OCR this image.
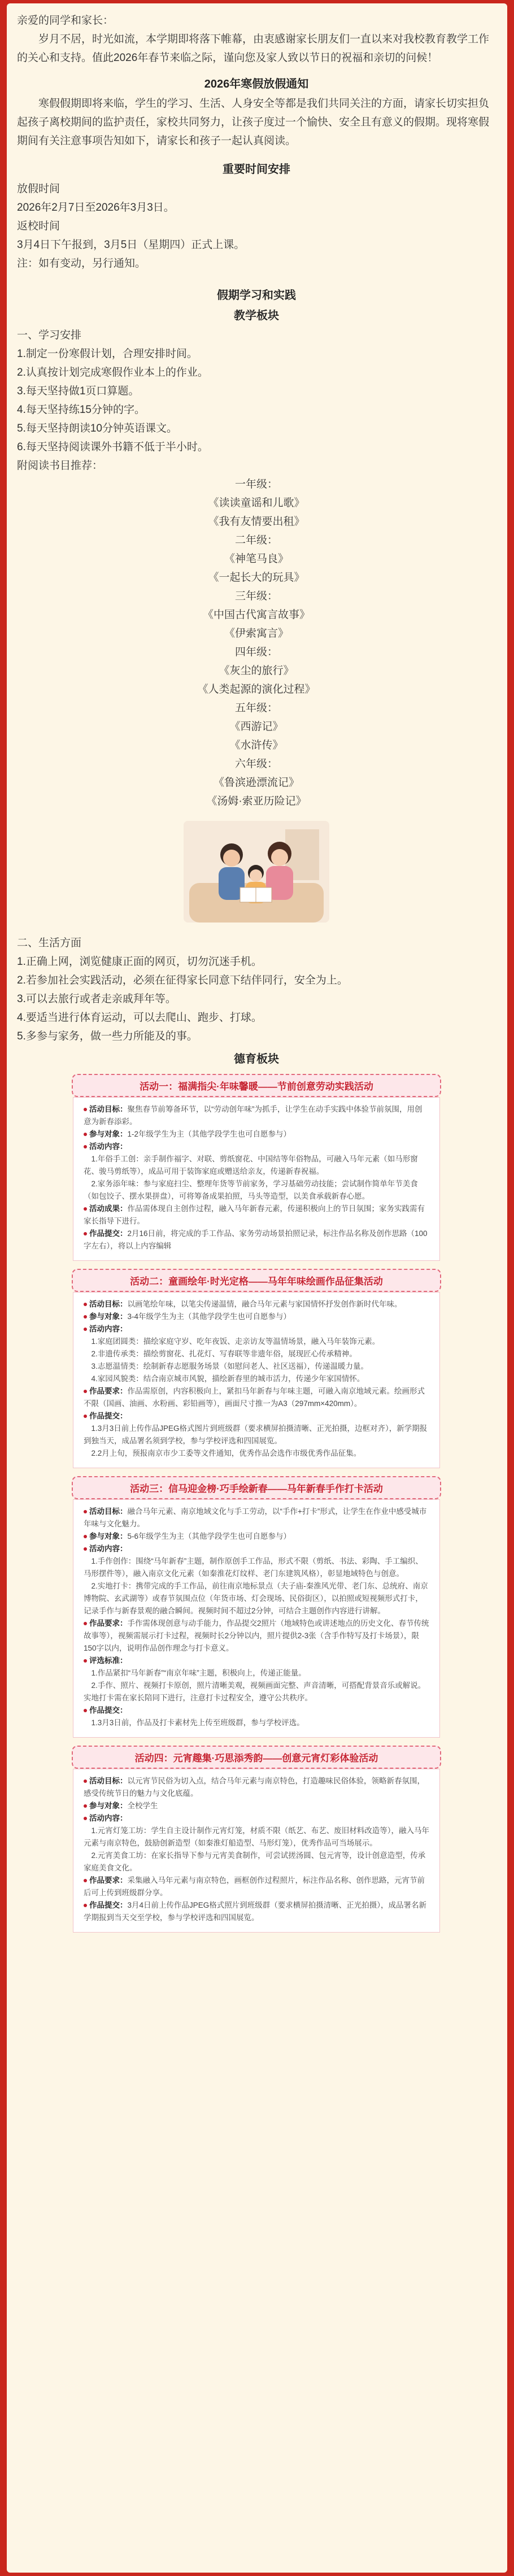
亲爱的同学和家长：

岁月不居，时光如流，本学期即将落下帷幕，由衷感谢家长朋友们一直以来对我校教育教学工作的关心和支持。值此2026年春节来临之际，谨向您及家人致以节日的祝福和亲切的问候！

2026年寒假放假通知

寒假假期即将来临，学生的学习、生活、人身安全等都是我们共同关注的方面，请家长切实担负起孩子离校期间的监护责任，家校共同努力，让孩子度过一个愉快、安全且有意义的假期。现将寒假期间有关注意事项告知如下，请家长和孩子一起认真阅读。

重要时间安排

放假时间

2026年2月7日至2026年3月3日。

返校时间

3月4日下午报到，3月5日（星期四）正式上课。

注：如有变动，另行通知。

假期学习和实践

教学板块

一、学习安排

1.制定一份寒假计划，合理安排时间。

2.认真按计划完成寒假作业本上的作业。

3.每天坚持做1页口算题。

4.每天坚持练15分钟的字。

5.每天坚持朗读10分钟英语课文。

6.每天坚持阅读课外书籍不低于半小时。

附阅读书目推荐：

一年级：

《读读童谣和儿歌》

《我有友情要出租》

二年级：

《神笔马良》

《一起长大的玩具》

三年级：

《中国古代寓言故事》

《伊索寓言》

四年级：

《灰尘的旅行》

《人类起源的演化过程》

五年级：

《西游记》

《水浒传》

六年级：

《鲁滨逊漂流记》

《汤姆·索亚历险记》

二、生活方面

1.正确上网，浏览健康正面的网页，切勿沉迷手机。

2.若参加社会实践活动，必须在征得家长同意下结伴同行，安全为上。

3.可以去旅行或者走亲戚拜年等。

4.要适当进行体育运动，可以去爬山、跑步、打球。

5.多参与家务，做一些力所能及的事。

德育板块

活动一：福满指尖·年味馨暖——节前创意劳动实践活动

活动目标：聚焦春节前筹备环节，以“劳动创年味”为抓手，让学生在动手实践中体验节前氛围，用创意为新春添彩。

参与对象：1-2年级学生为主（其他学段学生也可自愿参与）

活动内容：

1.年俗手工创：亲手制作福字、对联、剪纸窗花、中国结等年俗物品，可融入马年元素（如马形窗花、骏马剪纸等），成品可用于装饰家庭或赠送给亲友，传递新春祝福。

2.家务添年味：参与家庭扫尘、整理年货等节前家务，学习基础劳动技能；尝试制作简单年节美食（如包饺子、摆水果拼盘），可将筹备成果拍照，马头等造型，以美食承载新春心愿。

活动成果：作品需体现自主创作过程，融入马年新春元素，传递积极向上的节日氛围；家务实践需有家长指导下进行。

作品提交：2月16日前，将完成的手工作品、家务劳动场景拍照记录，标注作品名称及创作思路（100字左右），将以上内容编辑

活动二：童画绘年·时光定格——马年年味绘画作品征集活动

活动目标：以画笔绘年味，以笔尖传递温情，融合马年元素与家国情怀抒发创作新时代年味。

参与对象：3-4年级学生为主（其他学段学生也可自愿参与）

活动内容：

1.家庭团圆类：描绘家庭守岁、吃年夜饭、走亲访友等温情场景，融入马年装饰元素。

2.非遗传承类：描绘剪窗花、扎花灯、写春联等非遗年俗，展现匠心传承精神。

3.志愿温情类：绘制新春志愿服务场景（如慰问老人、社区送福），传递温暖力量。

4.家园风貌类：结合南京城市风貌，描绘新春里的城市活力，传递少年家国情怀。

作品要求：作品需原创，内容积极向上，紧扣马年新春与年味主题，可融入南京地域元素。绘画形式不限（国画、油画、水粉画、彩铅画等），画面尺寸推一为A3（297mm×420mm）。

作品提交：

1.3月3日前上传作品JPEG格式图片到班级群（要求横屏拍摄清晰、正光拍摄，边框对齐），新学期报到独当天，成品署名须到学校，参与学校评选和四国展览。

2.2月上旬，预报南京市少工委等文件通知，优秀作品会选作市级优秀作品征集。

活动三：信马迎金榜·巧手绘新春——马年新春手作打卡活动

活动目标：融合马年元素、南京地域文化与手工劳动，以“手作+打卡”形式，让学生在作业中感受城市年味与文化魅力。

参与对象：5-6年级学生为主（其他学段学生也可自愿参与）

活动内容：

1.手作创作：围绕“马年新春”主题，制作原创手工作品，形式不限（剪纸、书法、彩陶、手工编织、马形摆件等），融入南京文化元素（如秦淮花灯纹样、老门东建筑风格），彰显地域特色与创意。

2.实地打卡：携带完成的手工作品，前往南京地标景点（夫子庙-秦淮风光带、老门东、总统府、南京博物院、玄武湖等）或春节氛围点位（年货市场、灯会现场、民俗街区），以拍照或短视频形式打卡，记录手作与新春景观的融合瞬间。视频时间不超过2分钟，可结合主题创作内容进行讲解。

作品要求：手作需体现创意与动手能力，作品提交2照片（地域特色或讲述地点的历史文化、春节传统故事等），视频需展示打卡过程，视频时长2分钟以内，照片提供2-3张（含手作特写及打卡场景），限150字以内，说明作品创作理念与打卡意义。

评选标准：

1.作品紧扣“马年新春”“南京年味”主题，积极向上，传递正能量。

2.手作、照片、视频打卡原创，照片清晰美观，视频画面完整、声音清晰，可搭配背景音乐或解说。实地打卡需在家长陪同下进行，注意打卡过程安全，遵守公共秩序。

作品提交：

1.3月3日前，作品及打卡素材先上传至班级群，参与学校评选。

活动四：元宵趣集·巧思添秀韵——创意元宵灯彩体验活动

活动目标：以元宵节民俗为切入点，结合马年元素与南京特色，打造趣味民俗体验，领略新春氛围，感受传统节日的魅力与文化底蕴。

参与对象：全校学生

活动内容：

1.元宵灯笼工坊：学生自主设计制作元宵灯笼，材质不限（纸艺、布艺、废旧材料改造等），融入马年元素与南京特色，鼓励创新造型（如秦淮灯船造型、马形灯笼），优秀作品可当场展示。

2.元宵美食工坊：在家长指导下参与元宵美食制作，可尝试搓汤圆、包元宵等，设计创意造型，传承家庭美食文化。

作品要求：采集融入马年元素与南京特色，画框创作过程照片，标注作品名称、创作思路，元宵节前后可上传到班级群分享。

作品提交：3月4日前上传作品JPEG格式照片到班级群（要求横屏拍摄清晰、正光拍摄），成品署名新学期报到当天交至学校，参与学校评选和四国展览。
